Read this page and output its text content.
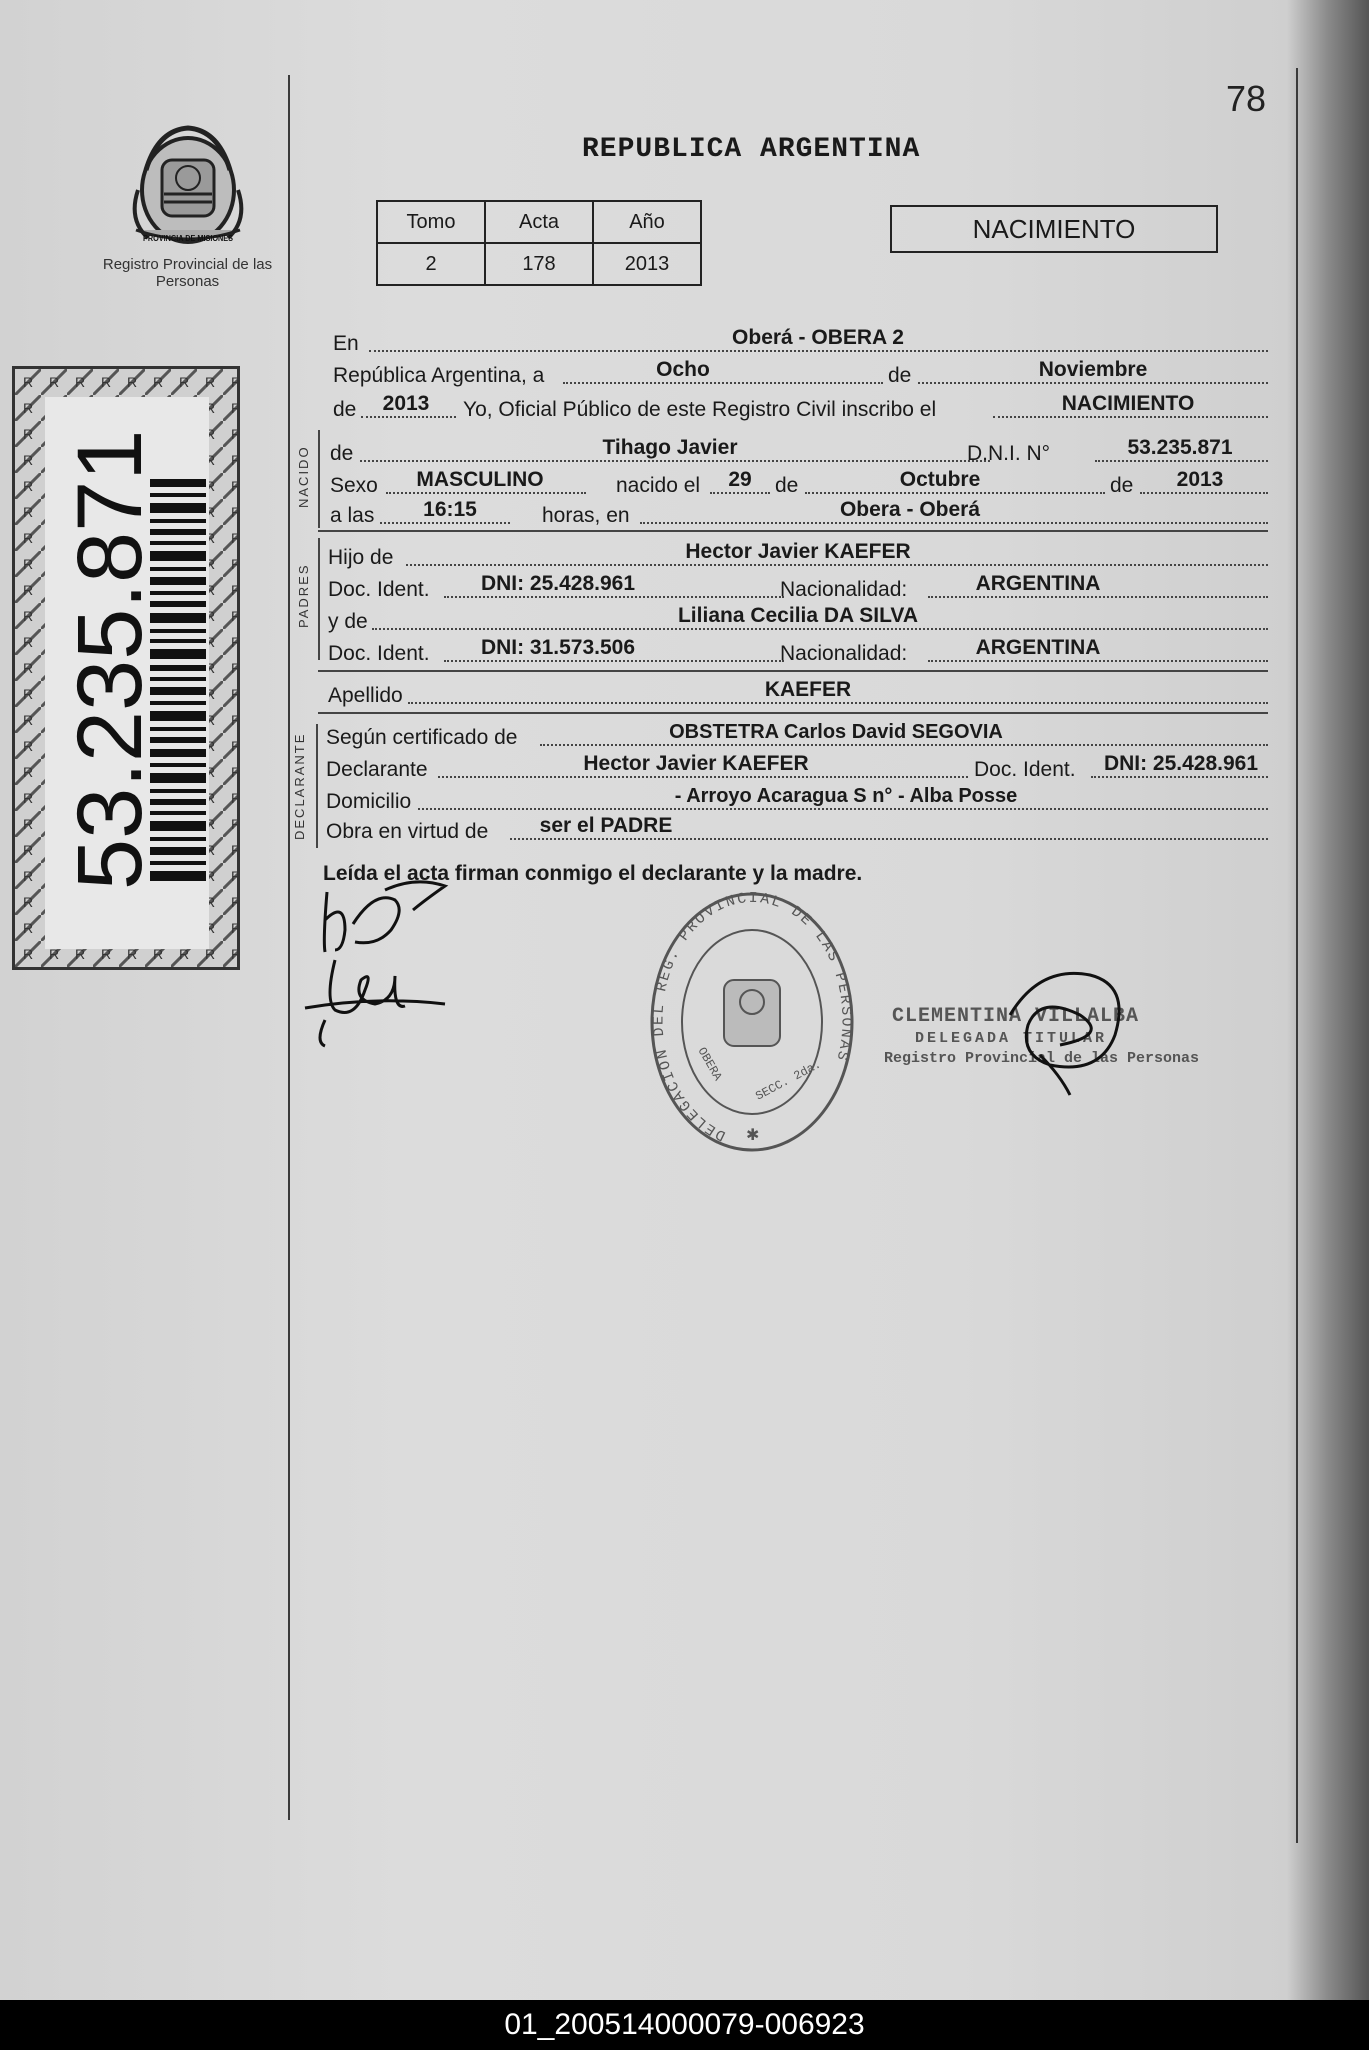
78
PROVINCIA DE MISIONES
Registro Provincial de las Personas
53.235.871
REPUBLICA ARGENTINA
Tomo	Acta	Año
2	178	2013
NACIMIENTO
En	Oberá - OBERA 2
República Argentina, a	Ocho	de	Noviembre
de	2013	Yo, Oficial Público de este Registro Civil inscribo el	NACIMIENTO
NACIDO de	Tihago Javier	D.N.I. N°	53.235.871
Sexo	MASCULINO	nacido el	29	de	Octubre	de	2013
a las	16:15	horas, en	Obera - Oberá
PADRES
Hijo de	Hector Javier KAEFER
Doc. Ident.	DNI: 25.428.961	Nacionalidad:	ARGENTINA
y de	Liliana Cecilia DA SILVA
Doc. Ident.	DNI: 31.573.506	Nacionalidad:	ARGENTINA
Apellido	KAEFER
DECLARANTE Según certificado de	OBSTETRA Carlos David SEGOVIA
Declarante	Hector Javier KAEFER	Doc. Ident.	DNI: 25.428.961
Domicilio	- Arroyo Acaragua S n° - Alba Posse
Obra en virtud de	ser el PADRE
Leída el acta firman conmigo el declarante y la madre.
DELEGACION DEL REG. PROVINCIAL DE LAS PERSONAS
OBERA SECC. 2da.
✱
CLEMENTINA VILLALBA
DELEGADA TITULAR
Registro Provincial de las Personas
01_200514000079-006923
